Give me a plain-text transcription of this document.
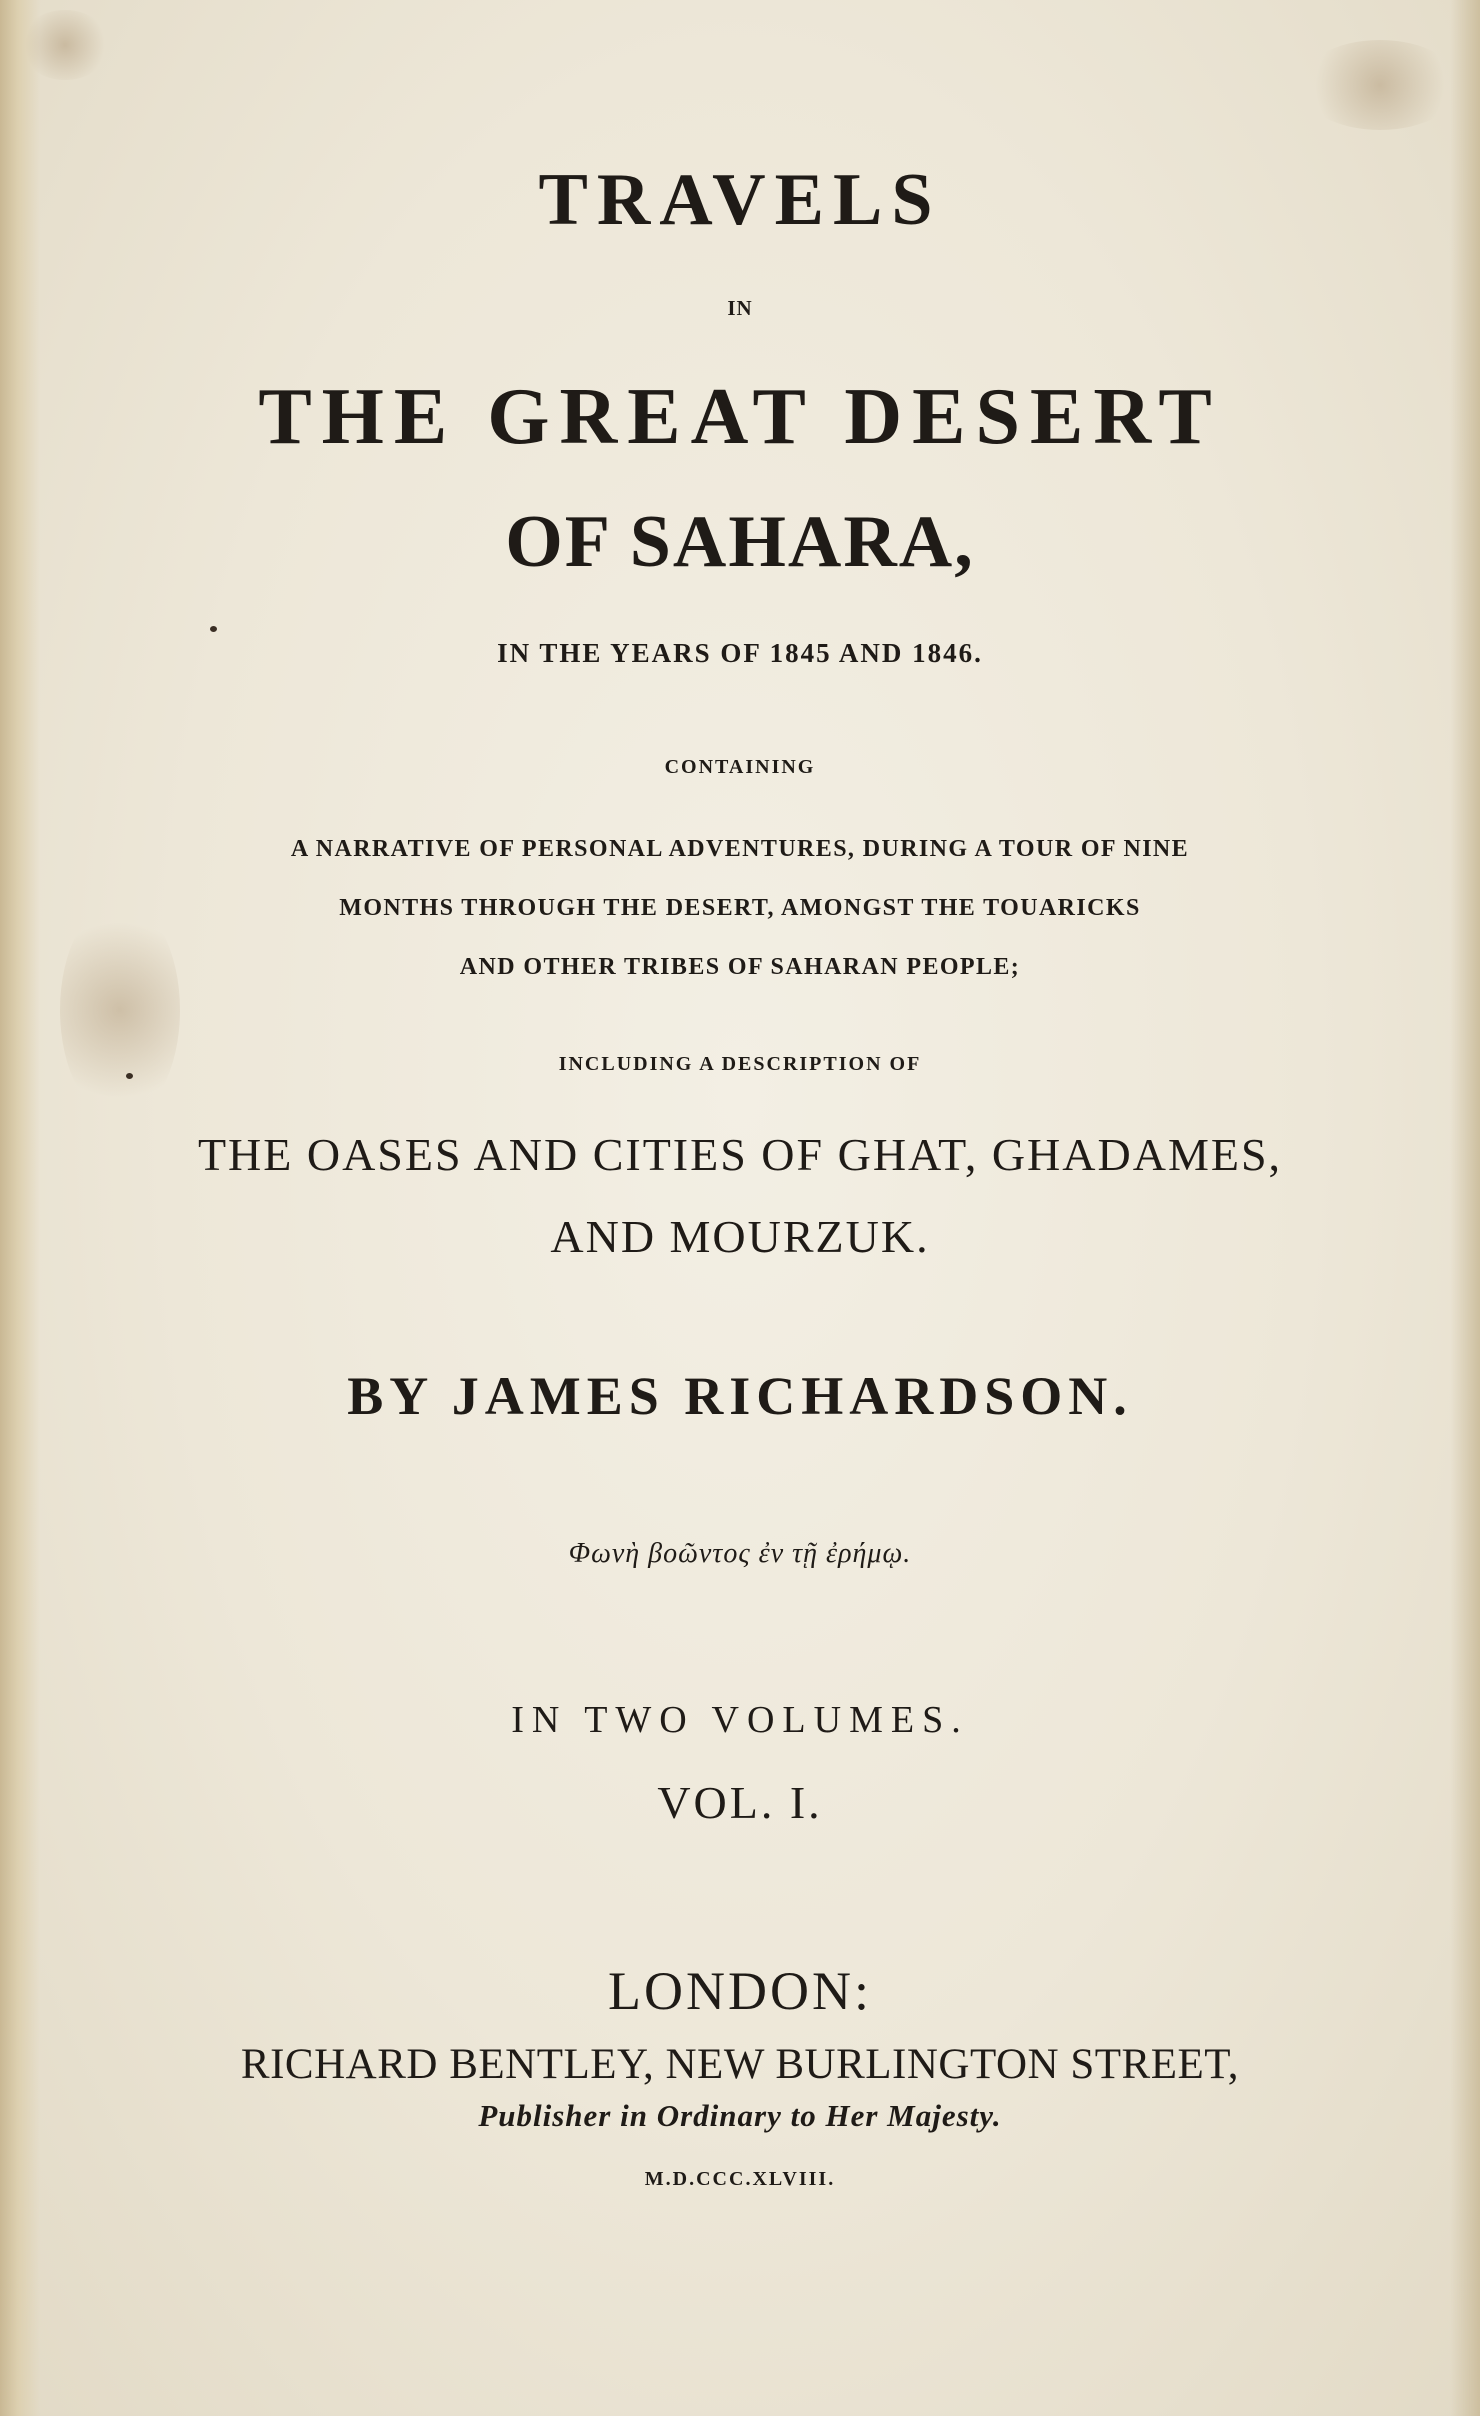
TRAVELS

IN

THE GREAT DESERT
OF SAHARA,

IN THE YEARS OF 1845 AND 1846.

CONTAINING

A NARRATIVE OF PERSONAL ADVENTURES, DURING A TOUR OF NINE

MONTHS THROUGH THE DESERT, AMONGST THE TOUARICKS

AND OTHER TRIBES OF SAHARAN PEOPLE;

INCLUDING A DESCRIPTION OF

THE OASES AND CITIES OF GHAT, GHADAMES,

AND MOURZUK.

BY JAMES RICHARDSON.

Φωνὴ βοῶντος ἐν τῇ ἐρήμῳ.

IN TWO VOLUMES.

VOL. I.

LONDON:

RICHARD BENTLEY, NEW BURLINGTON STREET,

Publisher in Ordinary to Her Majesty.

M.D.CCC.XLVIII.
